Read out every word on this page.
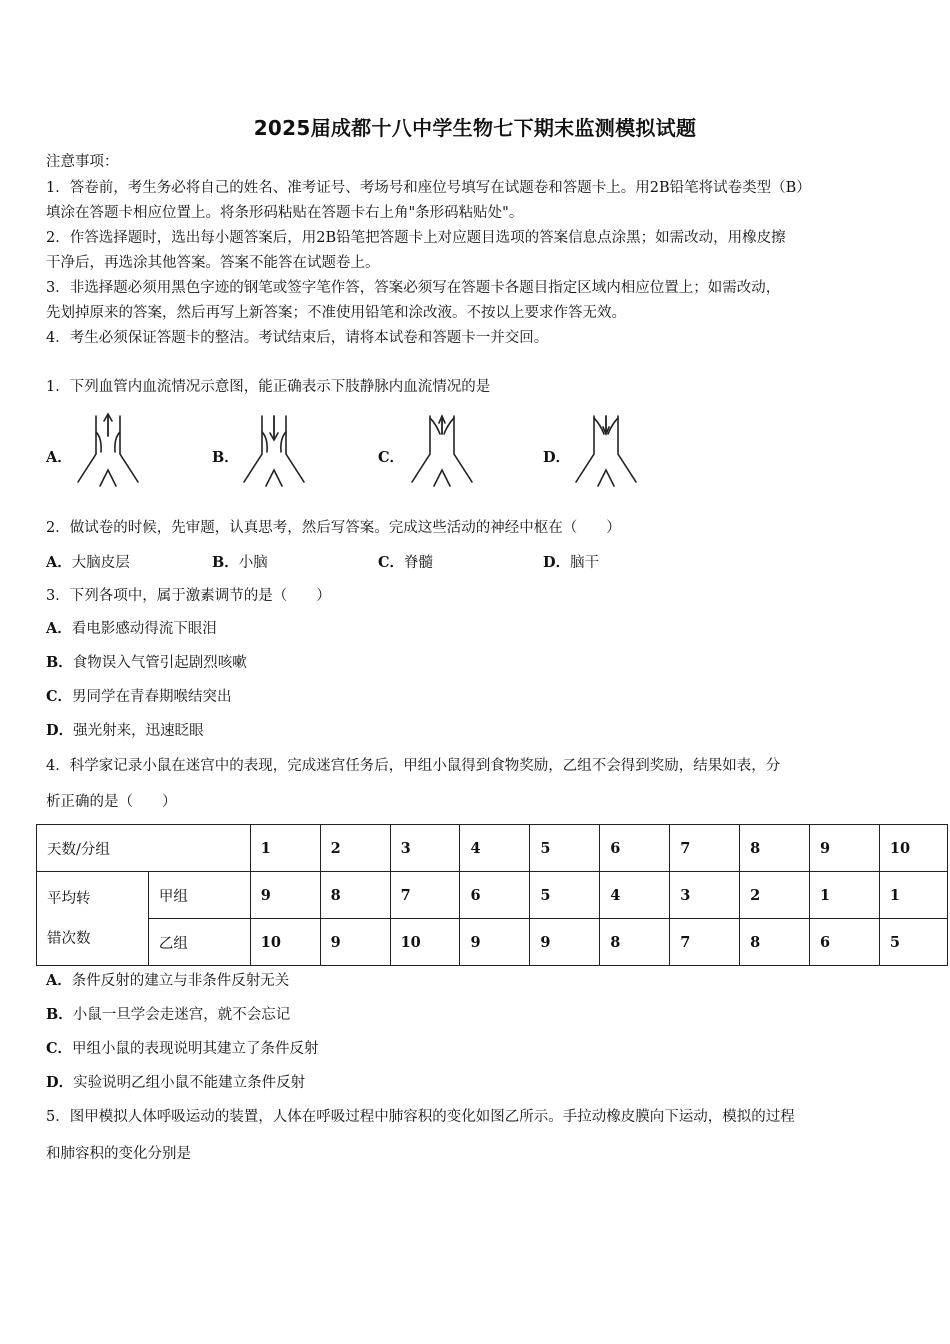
2025届成都十八中学生物七下期末监测模拟试题
注意事项：
1．答卷前，考生务必将自己的姓名、准考证号、考场号和座位号填写在试题卷和答题卡上。用2B铅笔将试卷类型（B）
填涂在答题卡相应位置上。将条形码粘贴在答题卡右上角"条形码粘贴处"。
2．作答选择题时，选出每小题答案后，用2B铅笔把答题卡上对应题目选项的答案信息点涂黑；如需改动，用橡皮擦
干净后，再选涂其他答案。答案不能答在试题卷上。
3．非选择题必须用黑色字迹的钢笔或签字笔作答，答案必须写在答题卡各题目指定区域内相应位置上；如需改动，
先划掉原来的答案，然后再写上新答案；不准使用铅笔和涂改液。不按以上要求作答无效。
4．考生必须保证答题卡的整洁。考试结束后，请将本试卷和答题卡一并交回。
1．下列血管内血流情况示意图，能正确表示下肢静脉内血流情况的是
A．	B．	C．	D．
2．做试卷的时候，先审题，认真思考，然后写答案。完成这些活动的神经中枢在（　　）
A．大脑皮层	B．小脑	C．脊髓	D．脑干
3．下列各项中，属于激素调节的是（　　）
A．看电影感动得流下眼泪
B．食物误入气管引起剧烈咳嗽
C．男同学在青春期喉结突出
D．强光射来，迅速眨眼
4．科学家记录小鼠在迷宫中的表现，完成迷宫任务后，甲组小鼠得到食物奖励，乙组不会得到奖励，结果如表，分
析正确的是（　　）
天数/分组		1	2	3	4	5	6	7	8	9	10
平均转
错次数	甲组	9	8	7	6	5	4	3	2	1	1
	乙组	10	9	10	9	9	8	7	8	6	5
A．条件反射的建立与非条件反射无关
B．小鼠一旦学会走迷宫，就不会忘记
C．甲组小鼠的表现说明其建立了条件反射
D．实验说明乙组小鼠不能建立条件反射
5．图甲模拟人体呼吸运动的装置，人体在呼吸过程中肺容积的变化如图乙所示。手拉动橡皮膜向下运动，模拟的过程
和肺容积的变化分别是
